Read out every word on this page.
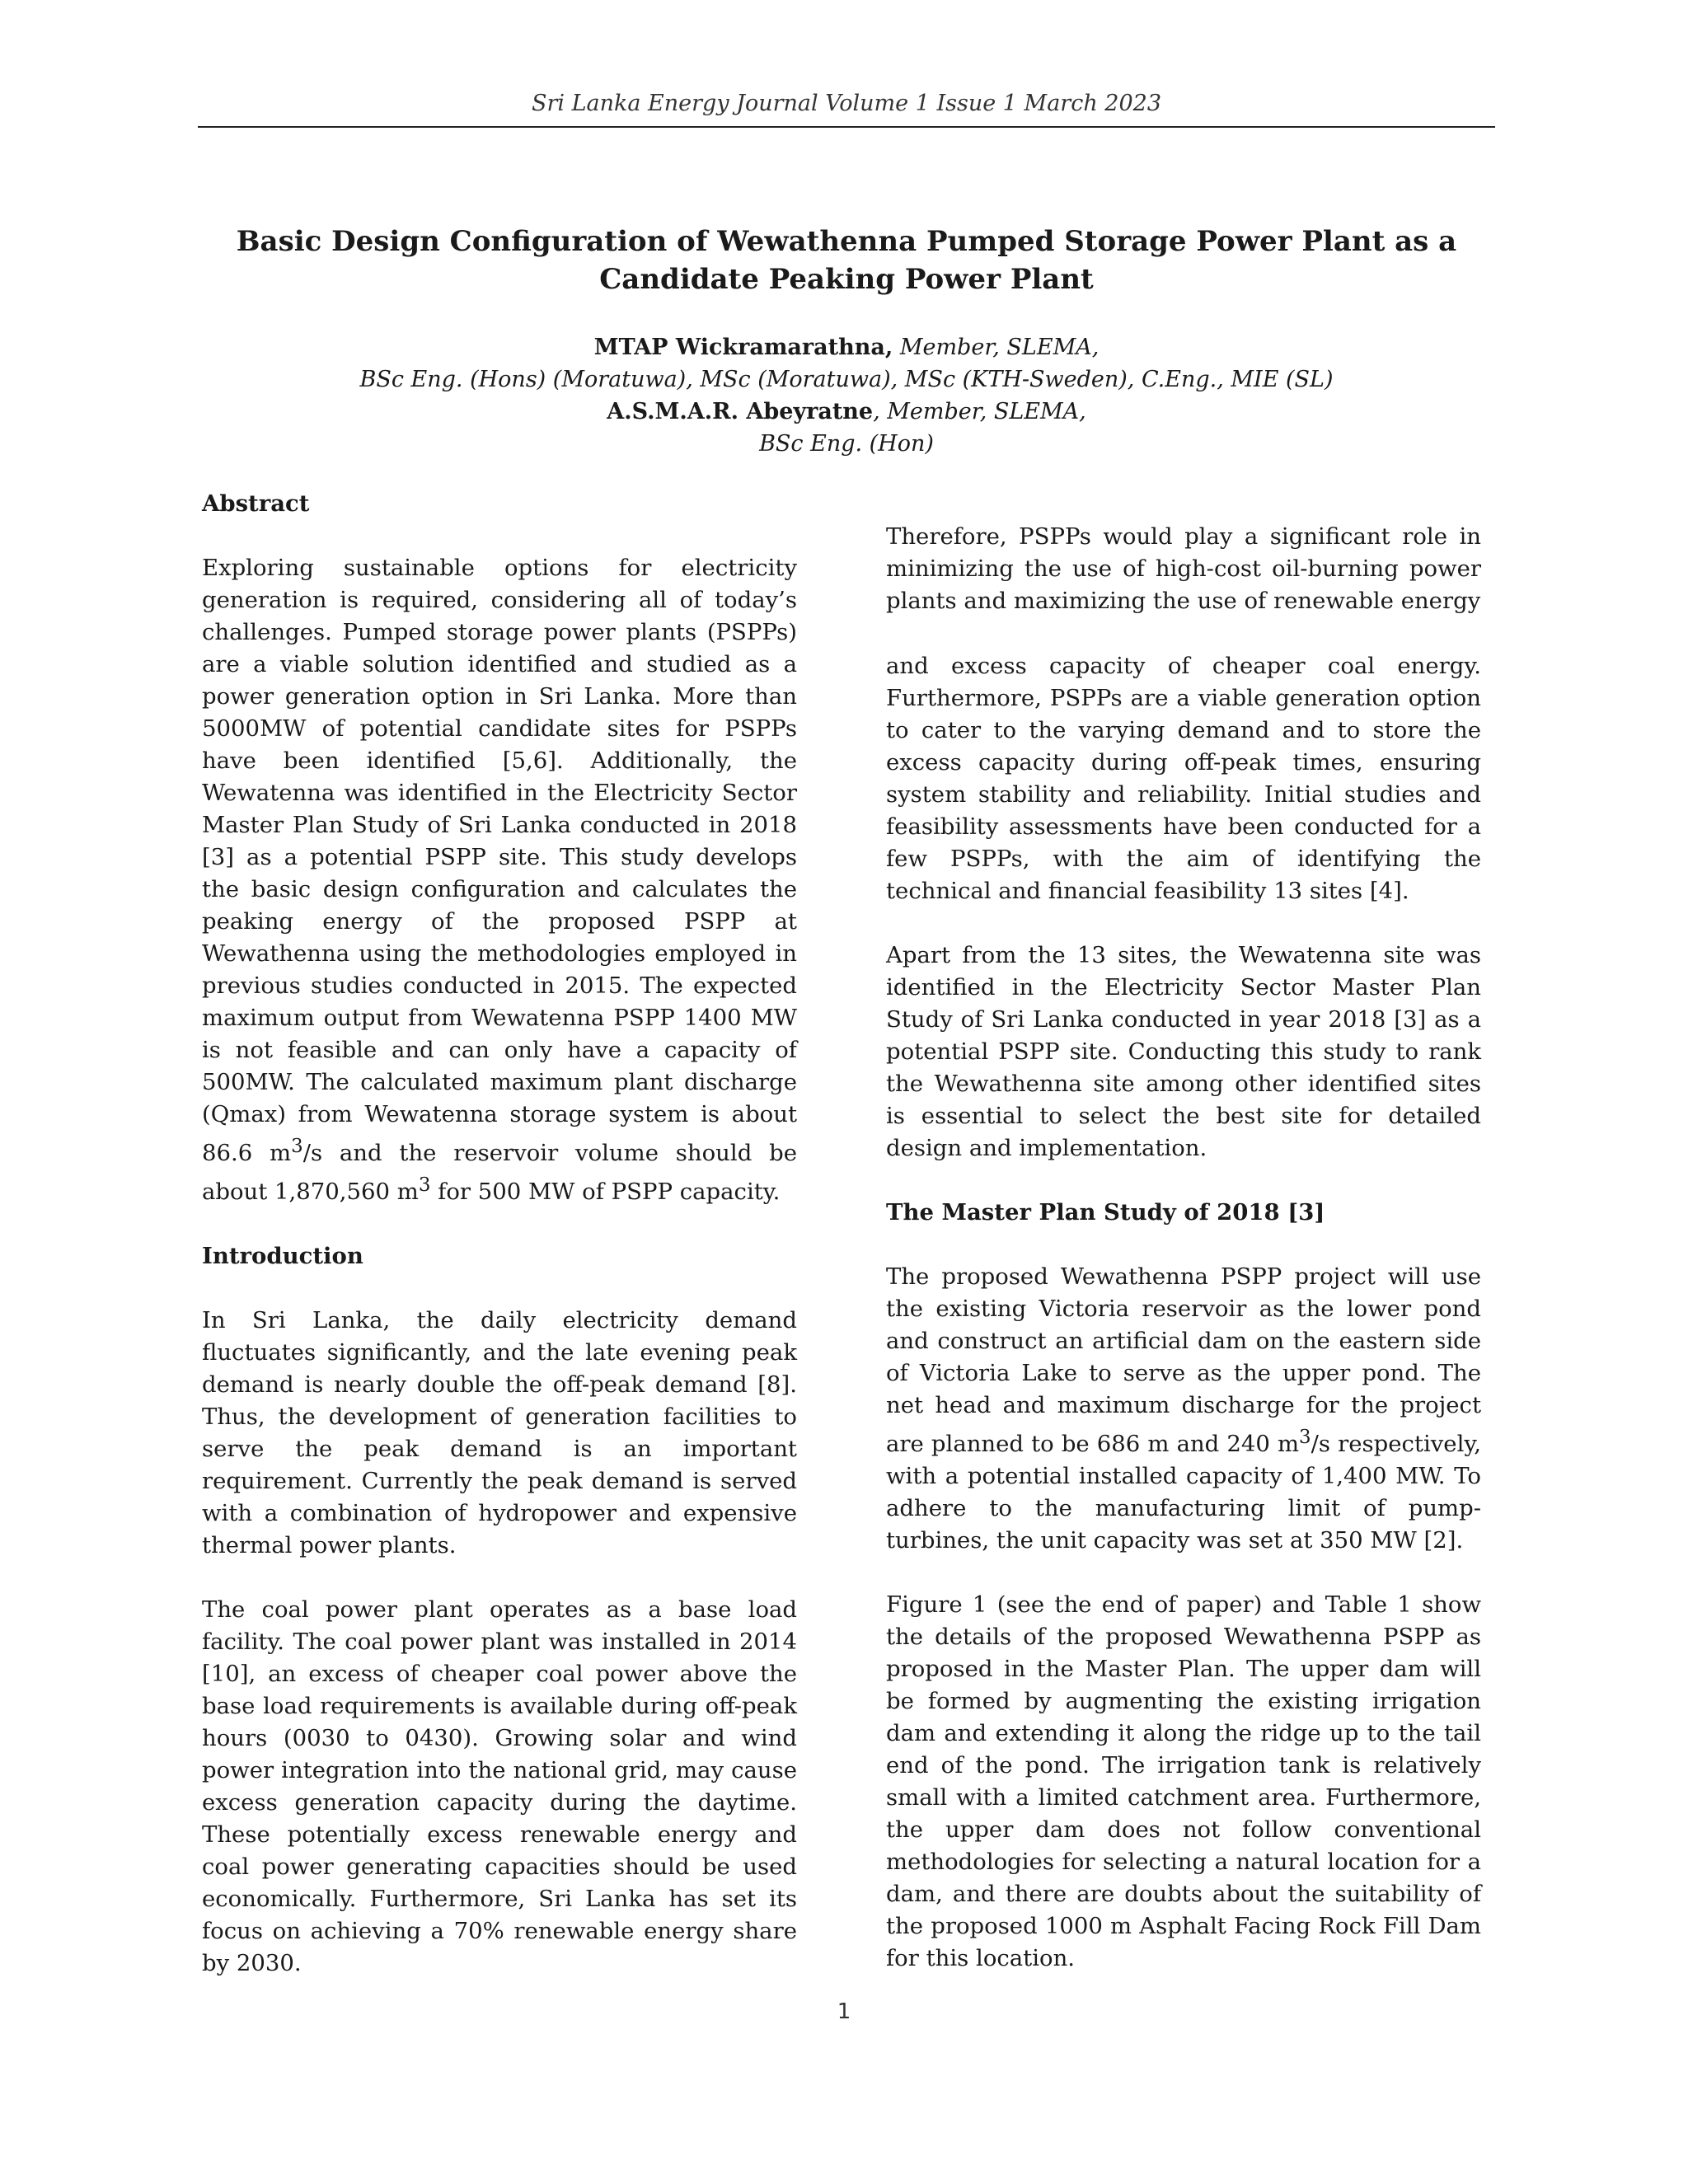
Sri Lanka Energy Journal Volume 1 Issue 1 March 2023
Basic Design Configuration of Wewathenna Pumped Storage Power Plant as a Candidate Peaking Power Plant
MTAP Wickramarathna, Member, SLEMA,
BSc Eng. (Hons) (Moratuwa), MSc (Moratuwa), MSc (KTH-Sweden), C.Eng., MIE (SL)
A.S.M.A.R. Abeyratne, Member, SLEMA,
BSc Eng. (Hon)
Abstract

Exploring sustainable options for electricity generation is required, considering all of today’s challenges. Pumped storage power plants (PSPPs) are a viable solution identified and studied as a power generation option in Sri Lanka. More than 5000MW of potential candidate sites for PSPPs have been identified [5,6]. Additionally, the Wewatenna was identified in the Electricity Sector Master Plan Study of Sri Lanka conducted in 2018 [3] as a potential PSPP site. This study develops the basic design configuration and calculates the peaking energy of the proposed PSPP at Wewathenna using the methodologies employed in previous studies conducted in 2015. The expected maximum output from Wewatenna PSPP 1400 MW is not feasible and can only have a capacity of 500MW. The calculated maximum plant discharge (Qmax) from Wewatenna storage system is about 86.6 $m^3/s$ and the reservoir volume should be about 1,870,560 $m^3$ for 500 MW of PSPP capacity.

Introduction

In Sri Lanka, the daily electricity demand fluctuates significantly, and the late evening peak demand is nearly double the off-peak demand [8]. Thus, the development of generation facilities to serve the peak demand is an important requirement. Currently the peak demand is served with a combination of hydropower and expensive thermal power plants.

The coal power plant operates as a base load facility. The coal power plant was installed in 2014 [10], an excess of cheaper coal power above the base load requirements is available during off-peak hours (0030 to 0430). Growing solar and wind power integration into the national grid, may cause excess generation capacity during the daytime. These potentially excess renewable energy and coal power generating capacities should be used economically. Furthermore, Sri Lanka has set its focus on achieving a 70% renewable energy share by 2030.

Therefore, PSPPs would play a significant role in minimizing the use of high-cost oil-burning power plants and maximizing the use of renewable energy

and excess capacity of cheaper coal energy. Furthermore, PSPPs are a viable generation option to cater to the varying demand and to store the excess capacity during off-peak times, ensuring system stability and reliability. Initial studies and feasibility assessments have been conducted for a few PSPPs, with the aim of identifying the technical and financial feasibility 13 sites [4].

Apart from the 13 sites, the Wewatenna site was identified in the Electricity Sector Master Plan Study of Sri Lanka conducted in year 2018 [3] as a potential PSPP site. Conducting this study to rank the Wewathenna site among other identified sites is essential to select the best site for detailed design and implementation.

The Master Plan Study of 2018 [3]

The proposed Wewathenna PSPP project will use the existing Victoria reservoir as the lower pond and construct an artificial dam on the eastern side of Victoria Lake to serve as the upper pond. The net head and maximum discharge for the project are planned to be 686 m and 240 $m^3/s$ respectively, with a potential installed capacity of 1,400 MW. To adhere to the manufacturing limit of pump-turbines, the unit capacity was set at 350 MW [2].

Figure 1 (see the end of paper) and Table 1 show the details of the proposed Wewathenna PSPP as proposed in the Master Plan. The upper dam will be formed by augmenting the existing irrigation dam and extending it along the ridge up to the tail end of the pond. The irrigation tank is relatively small with a limited catchment area. Furthermore, the upper dam does not follow conventional methodologies for selecting a natural location for a dam, and there are doubts about the suitability of the proposed 1000 m Asphalt Facing Rock Fill Dam for this location.

1
